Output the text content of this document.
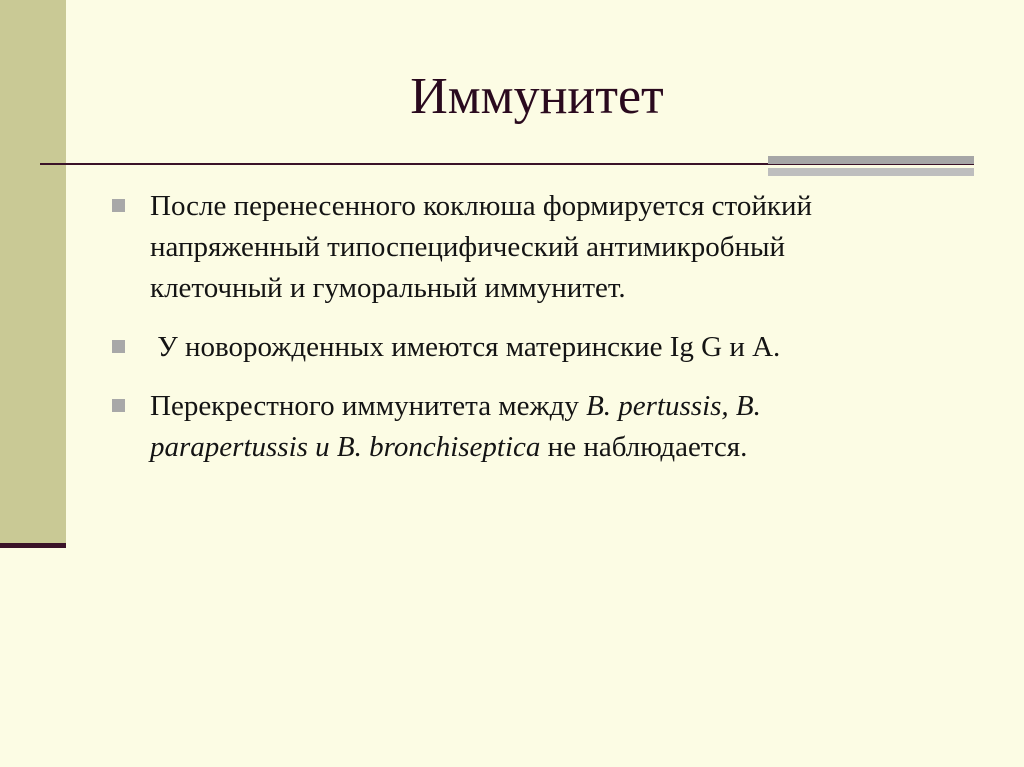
Иммунитет
После перенесенного коклюша формируется стойкий напряженный типоспецифический антимикробный клеточный и гуморальный иммунитет.
У новорожденных имеются материнские Ig G и А.
Перекрестного иммунитета между B. pertussis, B. parapertussis и B. bronchiseptica не наблюдается.
